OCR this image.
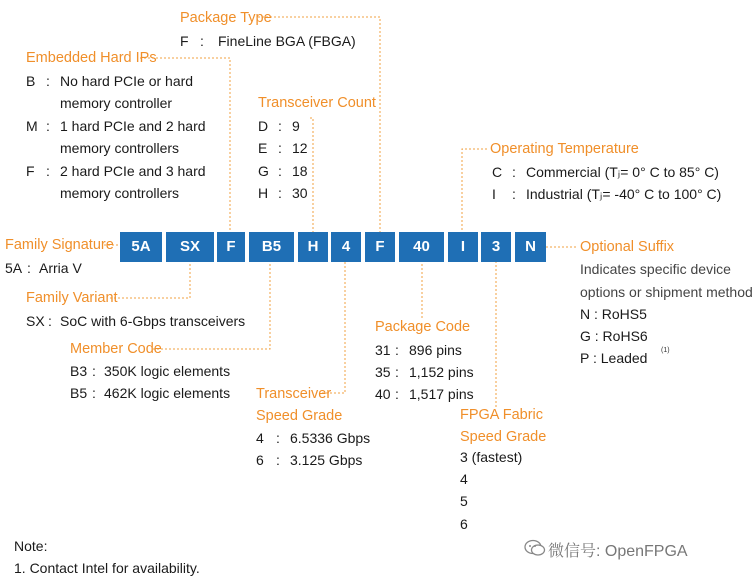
5A	SX	F	B5	H	4	F	40	I	3	N
Package Type
F : FineLine BGA (FBGA)
Embedded Hard IPs
B : No hard PCIe or hard
memory controller
M : 1 hard PCIe and 2 hard
memory controllers
F : 2 hard PCIe and 3 hard
memory controllers
Transceiver Count
D : 9
E : 12
G : 18
H : 30
Operating Temperature
C : Commercial (Tⱼ= 0° C to 85° C)
I : Industrial (Tⱼ= -40° C to 100° C)
Family Signature
5A : Arria V
Optional Suffix
Indicates specific device
options or shipment method
N : RoHS5
G : RoHS6
P : Leaded (1)
Family Variant
SX : SoC with 6-Gbps transceivers
Member Code
B3 : 350K logic elements
B5 : 462K logic elements
Package Code
31 : 896 pins
35 : 1,152 pins
40 : 1,517 pins
Transceiver
Speed Grade
4 : 6.5336 Gbps
6 : 3.125 Gbps
FPGA Fabric
Speed Grade
3 (fastest)
4
5
6
Note:
1. Contact Intel for availability.
微信号: OpenFPGA
